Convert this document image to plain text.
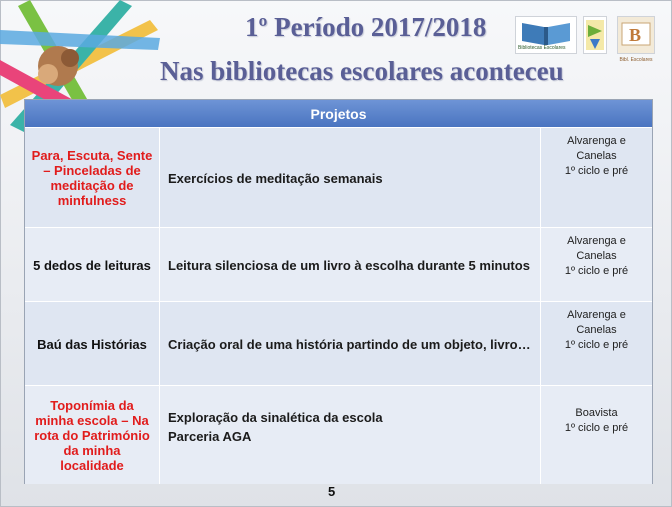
1º Período 2017/2018
Nas bibliotecas escolares aconteceu
Bibliotecas Escolares
B
Bibl. Escolares
Projetos
Para, Escuta, Sente – Pinceladas de meditação de minfulness
Exercícios de meditação semanais
Alvarenga e
Canelas
1º ciclo e pré
5 dedos de leituras	Leitura silenciosa de um livro à escolha durante 5 minutos
Alvarenga e
Canelas
1º ciclo e pré
Baú das Histórias	Criação oral de uma história partindo de um objeto, livro…
Alvarenga e
Canelas
1º ciclo e pré
Toponímia da minha escola – Na rota do Património da minha localidade
Exploração da sinalética da escola
Parceria AGA
Boavista
1º ciclo e pré
5
